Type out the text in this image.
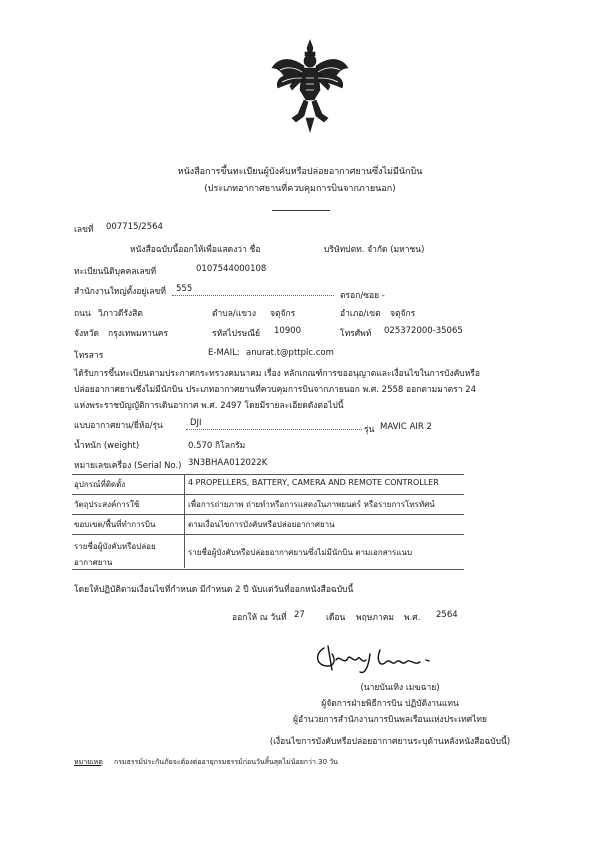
หนังสือการขึ้นทะเบียนผู้บังคับหรือปล่อยอากาศยานซึ่งไม่มีนักบิน
(ประเภทอากาศยานที่ควบคุมการบินจากภายนอก)
เลขที่ 007715/2564
หนังสือฉบับนี้ออกให้เพื่อแสดงว่า ชื่อ	บริษัทปตท. จำกัด (มหาชน)
ทะเบียนนิติบุคคลเลขที่	0107544000108
สำนักงานใหญ่ตั้งอยู่เลขที่ 555
ตรอก/ซอย -
ถนน วิภาวดีรังสิต	ตำบล/แขวง จตุจักร	อำเภอ/เขต จตุจักร
จังหวัด กรุงเทพมหานคร	รหัสไปรษณีย์ 10900	โทรศัพท์ 025372000-35065
โทรสาร	E-MAIL: anurat.t@pttplc.com
ได้รับการขึ้นทะเบียนตามประกาศกระทรวงคมนาคม เรื่อง หลักเกณฑ์การขออนุญาตและเงื่อนไขในการบังคับหรือ
ปล่อยอากาศยานซึ่งไม่มีนักบิน ประเภทอากาศยานที่ควบคุมการบินจากภายนอก พ.ศ. 2558 ออกตามมาตรา 24
แห่งพระราชบัญญัติการเดินอากาศ พ.ศ. 2497 โดยมีรายละเอียดดังต่อไปนี้
แบบอากาศยาน/ยี่ห้อ/รุ่น	DJI
รุ่น MAVIC AIR 2
น้ำหนัก (weight)	0.570 กิโลกรัม
หมายเลขเครื่อง (Serial No.) 3N3BHAA012022K
อุปกรณ์ที่ติดตั้ง	4 PROPELLERS, BATTERY, CAMERA AND REMOTE CONTROLLER
วัตถุประสงค์การใช้	เพื่อการถ่ายภาพ ถ่ายทำหรือการแสดงในภาพยนตร์ หรือรายการโทรทัศน์
ขอบเขต/พื้นที่ทำการบิน	ตามเงื่อนไขการบังคับหรือปล่อยอากาศยาน
รายชื่อผู้บังคับหรือปล่อย
อากาศยาน
รายชื่อผู้บังคับหรือปล่อยอากาศยานซึ่งไม่มีนักบิน ตามเอกสารแนบ
โดยให้ปฏิบัติตามเงื่อนไขที่กำหนด มีกำหนด 2 ปี นับแต่วันที่ออกหนังสือฉบับนี้
ออกให้ ณ วันที่ 27 เดือน พฤษภาคม พ.ศ. 2564
(นายบันเทิง เมฆฉาย)
ผู้จัดการฝ่ายพิธีการบิน ปฏิบัติงานแทน
ผู้อำนวยการสำนักงานการบินพลเรือนแห่งประเทศไทย
(เงื่อนไขการบังคับหรือปล่อยอากาศยานระบุด้านหลังหนังสือฉบับนี้)
หมายเหตุ กรมธรรม์ประกันภัยจะต้องต่ออายุกรมธรรม์ก่อนวันสิ้นสุดไม่น้อยกว่า 30 วัน
